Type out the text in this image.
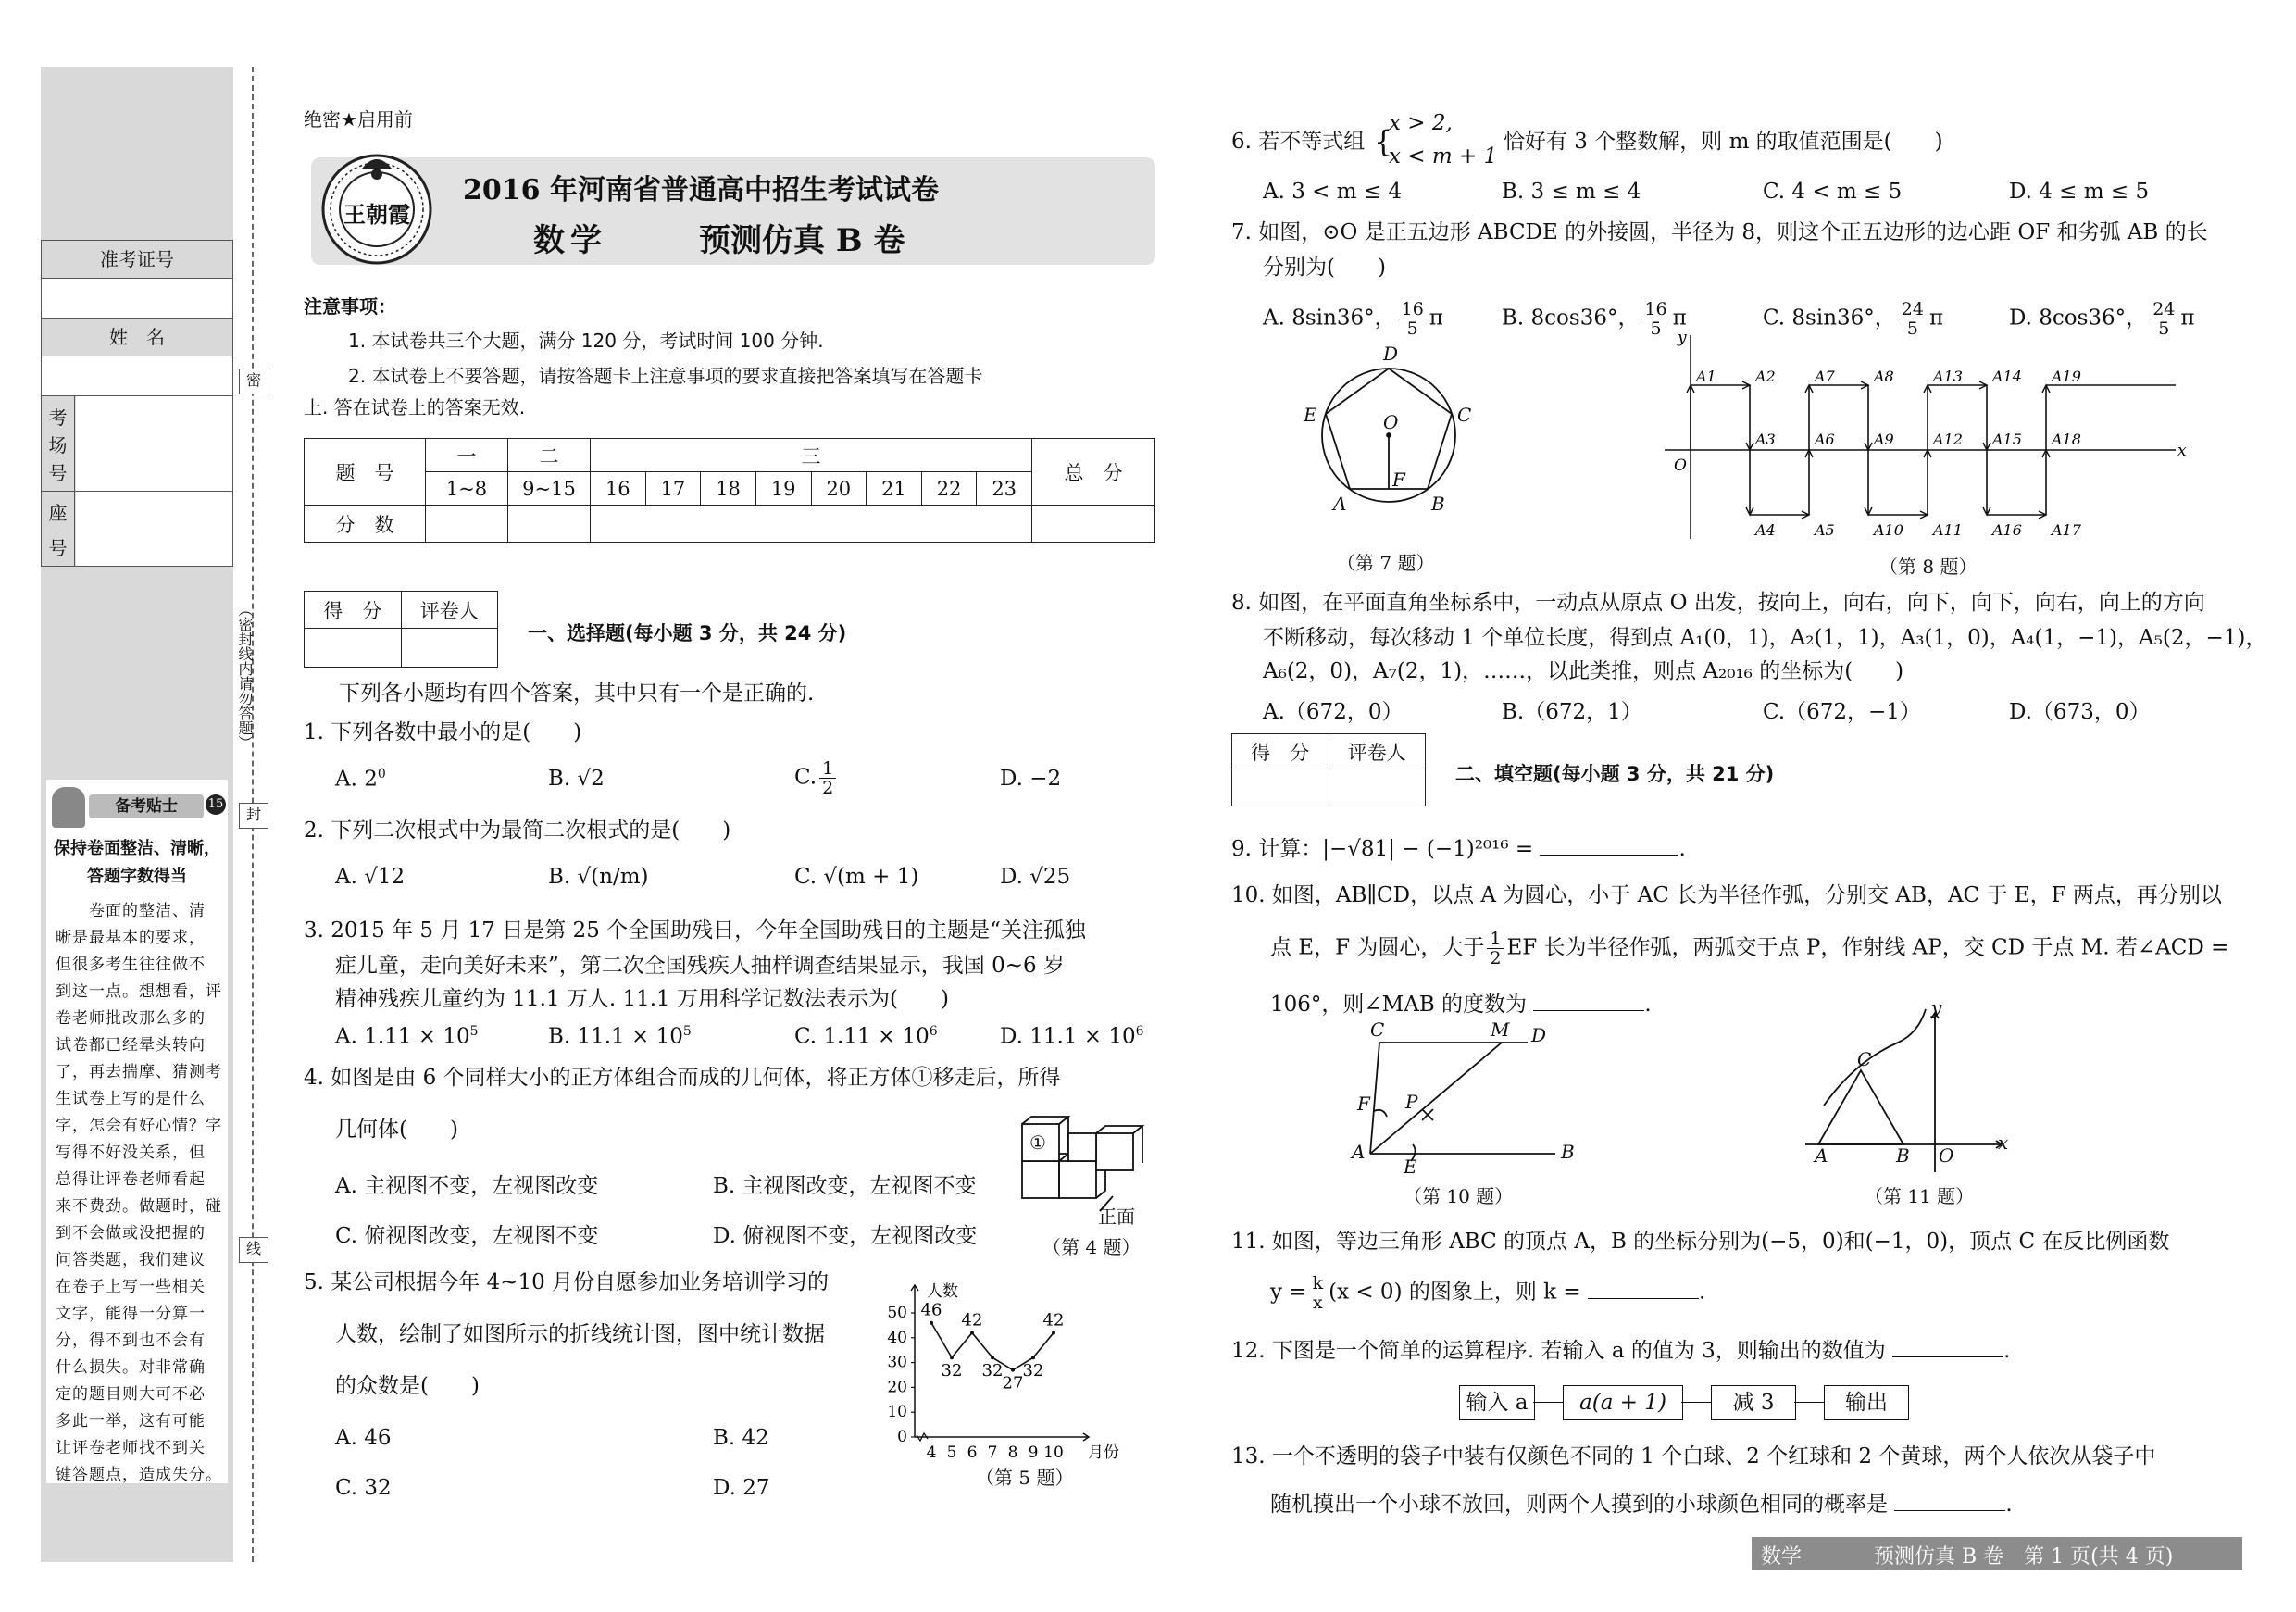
准考证号
姓　名
考
场
号
座
号
备考贴士	15
保持卷面整洁、清晰，答题字数得当
卷面的整洁、清
晰是最基本的要求，
但很多考生往往做不
到这一点。想想看，评
卷老师批改那么多的
试卷都已经晕头转向
了，再去揣摩、猜测考
生试卷上写的是什么
字，怎会有好心情？字
写得不好没关系，但
总得让评卷老师看起
来不费劲。做题时，碰
到不会做或没把握的
问答类题，我们建议
在卷子上写一些相关
文字，能得一分算一
分，得不到也不会有
什么损失。对非常确
定的题目则大可不必
多此一举，这有可能
让评卷老师找不到关
键答题点，造成失分。
密
封
线
（密封线内请勿答题）
绝密★启用前
王朝霞
2016 年河南省普通高中招生考试试卷
数学	预测仿真 B 卷
注意事项：
1. 本试卷共三个大题，满分 120 分，考试时间 100 分钟.
2. 本试卷上不要答题，请按答题卡上注意事项的要求直接把答案填写在答题卡
上. 答在试卷上的答案无效.
题　号	一	二	三								总　分
	1~8	9~15	16	17	18	19	20	21	22	23	
分　数											
得　分	评卷人

一、选择题(每小题 3 分，共 24 分)
下列各小题均有四个答案，其中只有一个是正确的.
1. 下列各数中最小的是(　　)
A. $2^0$	B. √2	C. $\frac{1}{2}$	D. −2
2. 下列二次根式中为最简二次根式的是(　　)
A. √12	B. √(n/m)	C. √(m + 1)	D. √25
3. 2015 年 5 月 17 日是第 25 个全国助残日，今年全国助残日的主题是“关注孤独
症儿童，走向美好未来”，第二次全国残疾人抽样调查结果显示，我国 0~6 岁
精神残疾儿童约为 11.1 万人. 11.1 万用科学记数法表示为(　　)
A. $1.11 \times 10^5$	B. $11.1 \times 10^5$	C. $1.11 \times 10^6$	D. $11.1 \times 10^6$
4. 如图是由 6 个同样大小的正方体组合而成的几何体，将正方体①移走后，所得
几何体(　　)
A. 主视图不变，左视图改变	B. 主视图改变，左视图不变
C. 俯视图改变，左视图不变	D. 俯视图不变，左视图改变
①
正面
（第 4 题）
5. 某公司根据今年 4~10 月份自愿参加业务培训学习的
人数，绘制了如图所示的折线统计图，图中统计数据
的众数是(　　)
A. 46	B. 42
C. 32	D. 27
0
10
20
30
40
50
4 5 6 7 8 9 10 月份
人数
46
32
42
32
27
32
42
（第 5 题）
6. 若不等式组 {
x > 2,
x < m + 1
恰好有 3 个整数解，则 m 的取值范围是(　　)
A. 3 < m ≤ 4	B. 3 ≤ m ≤ 4	C. 4 < m ≤ 5	D. 4 ≤ m ≤ 5
7. 如图，⊙O 是正五边形 ABCDE 的外接圆，半径为 8，则这个正五边形的边心距 OF 和劣弧 AB 的长
分别为(　　)
A. 8sin36°， $\frac{16}{5}$ π	B. 8cos36°， $\frac{16}{5}$ π	C. 8sin36°， $\frac{24}{5}$ π	D. 8cos36°， $\frac{24}{5}$ π
D
E	C
O
F
A	B
（第 7 题）
x
y
O
A1	A2
A3
A4	A5
A6
A7	A8
A9
A10 A11
A12
A13 A14
A15
A16 A17
A18
A19
（第 8 题）
8. 如图，在平面直角坐标系中，一动点从原点 O 出发，按向上，向右，向下，向下，向右，向上的方向
不断移动，每次移动 1 个单位长度，得到点 A₁(0，1)，A₂(1，1)，A₃(1，0)，A₄(1，−1)，A₅(2，−1)，
A₆(2，0)，A₇(2，1)，……，以此类推，则点 A₂₀₁₆ 的坐标为(　　)
A.（672，0）	B.（672，1）	C.（672，−1）	D.（673，0）
得　分	评卷人

二、填空题(每小题 3 分，共 21 分)
9. 计算：|−√81| − (−1)²⁰¹⁶ =	.
10. 如图，AB∥CD，以点 A 为圆心，小于 AC 长为半径作弧，分别交 AB，AC 于 E，F 两点，再分别以
点 E，F 为圆心，大于 $\frac{1}{2}$ EF 长为半径作弧，两弧交于点 P，作射线 AP，交 CD 于点 M. 若∠ACD =
106°，则∠MAB 的度数为	.
C	M D
F P
A
E
B
（第 10 题）
y
C
A	B O
x
（第 11 题）
11. 如图，等边三角形 ABC 的顶点 A，B 的坐标分别为(−5，0)和(−1，0)，顶点 C 在反比例函数
$y = \frac{k}{x} (x < 0)$ 的图象上，则 k =	.
12. 下图是一个简单的运算程序. 若输入 a 的值为 3，则输出的数值为	.
输入 a	a(a + 1)	减 3	输出
13. 一个不透明的袋子中装有仅颜色不同的 1 个白球、2 个红球和 2 个黄球，两个人依次从袋子中
随机摸出一个小球不放回，则两个人摸到的小球颜色相同的概率是	.
数学	预测仿真 B 卷　第 1 页(共 4 页)
